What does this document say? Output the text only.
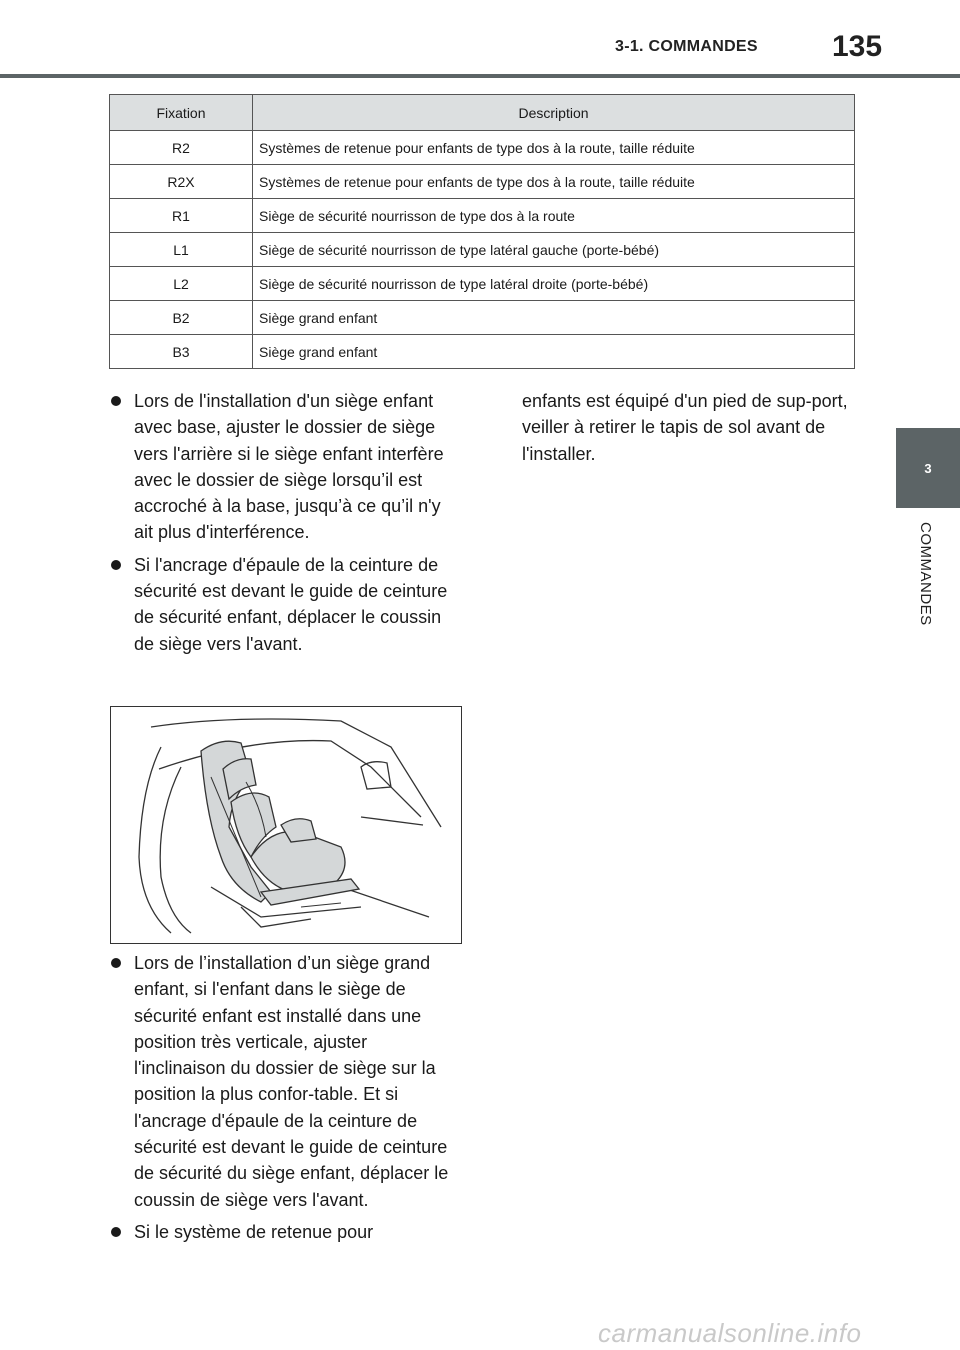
3-1. COMMANDES 135
3
COMMANDES
Fixation	Description
R2	Systèmes de retenue pour enfants de type dos à la route, taille réduite
R2X	Systèmes de retenue pour enfants de type dos à la route, taille réduite
R1	Siège de sécurité nourrisson de type dos à la route
L1	Siège de sécurité nourrisson de type latéral gauche (porte-bébé)
L2	Siège de sécurité nourrisson de type latéral droite (porte-bébé)
B2	Siège grand enfant
B3	Siège grand enfant
Lors de l'installation d'un siège enfant avec base, ajuster le dossier de siège vers l'arrière si le siège enfant interfère avec le dossier de siège lorsqu’il est accroché à la base, jusqu’à ce qu’il n'y ait plus d'interférence.
Si l'ancrage d'épaule de la ceinture de sécurité est devant le guide de ceinture de sécurité enfant, déplacer le coussin de siège vers l'avant.
Lors de l’installation d’un siège grand enfant, si l'enfant dans le siège de sécurité enfant est installé dans une position très verticale, ajuster l'inclinaison du dossier de siège sur la position la plus confor-table. Et si l'ancrage d'épaule de la ceinture de sécurité est devant le guide de ceinture de sécurité du siège enfant, déplacer le coussin de siège vers l'avant.
Si le système de retenue pour
enfants est équipé d'un pied de sup-port, veiller à retirer le tapis de sol avant de l'installer.
carmanualsonline.info
